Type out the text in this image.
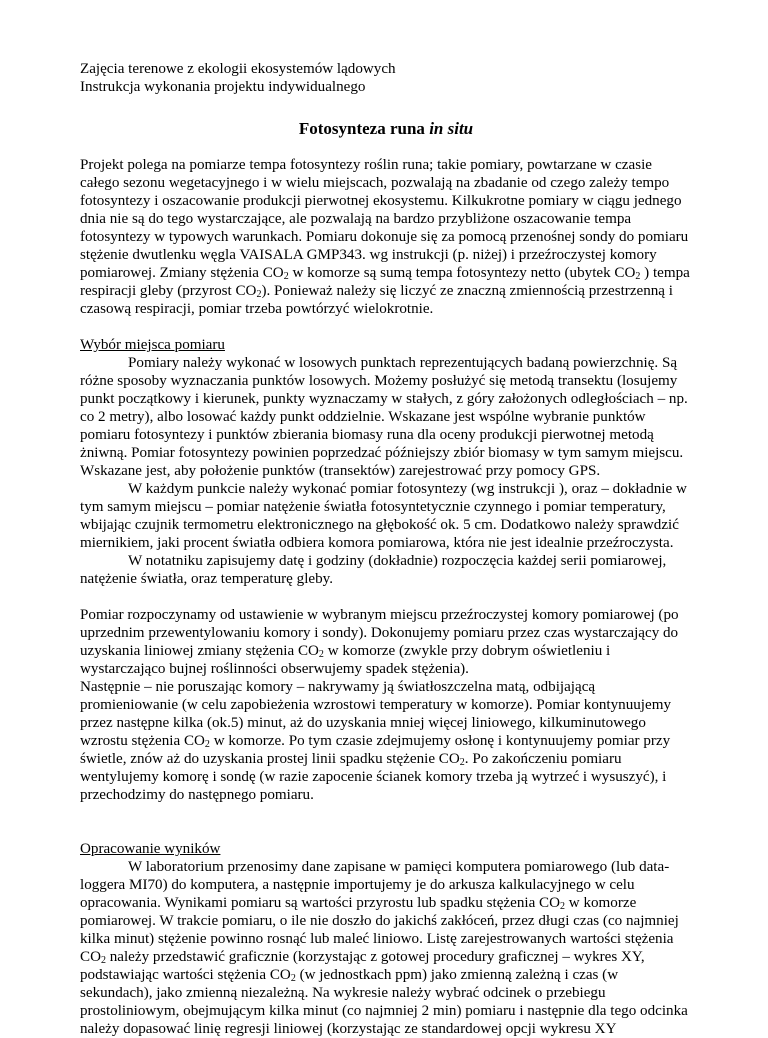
Zajęcia terenowe z ekologii ekosystemów lądowych
Instrukcja wykonania projektu indywidualnego
Fotosynteza runa in situ

Projekt polega na pomiarze tempa fotosyntezy roślin runa; takie pomiary, powtarzane w czasie całego sezonu wegetacyjnego i w wielu miejscach, pozwalają na zbadanie od czego zależy tempo fotosyntezy i oszacowanie produkcji pierwotnej ekosystemu. Kilkukrotne pomiary w ciągu jednego dnia nie są do tego wystarczające, ale pozwalają na bardzo przybliżone oszacowanie tempa fotosyntezy w typowych warunkach. Pomiaru dokonuje się za pomocą przenośnej sondy do pomiaru stężenie dwutlenku węgla VAISALA GMP343. wg instrukcji (p. niżej) i przeźroczystej komory pomiarowej. Zmiany stężenia $CO_2$ w komorze są sumą tempa fotosyntezy netto (ubytek $CO_2$ ) tempa respiracji gleby (przyrost $CO_2$). Ponieważ należy się liczyć ze znaczną zmiennością przestrzenną i czasową respiracji, pomiar trzeba powtórzyć wielokrotnie.

Wybór miejsca pomiaru

Pomiary należy wykonać w losowych punktach reprezentujących badaną powierzchnię. Są różne sposoby wyznaczania punktów losowych. Możemy posłużyć się metodą transektu (losujemy punkt początkowy i kierunek, punkty wyznaczamy w stałych, z góry założonych odległościach – np. co 2 metry), albo losować każdy punkt oddzielnie. Wskazane jest wspólne wybranie punktów pomiaru fotosyntezy i punktów zbierania biomasy runa dla oceny produkcji pierwotnej metodą żniwną. Pomiar fotosyntezy powinien poprzedzać późniejszy zbiór biomasy w tym samym miejscu. Wskazane jest, aby położenie punktów (transektów) zarejestrować przy pomocy GPS.

W każdym punkcie należy wykonać pomiar fotosyntezy (wg instrukcji ), oraz – dokładnie w tym samym miejscu – pomiar natężenie światła fotosyntetycznie czynnego i pomiar temperatury, wbijając czujnik termometru elektronicznego na głębokość ok. 5 cm. Dodatkowo należy sprawdzić miernikiem, jaki procent światła odbiera komora pomiarowa, która nie jest idealnie przeźroczysta.

W notatniku zapisujemy datę i godziny (dokładnie) rozpoczęcia każdej serii pomiarowej, natężenie światła, oraz temperaturę gleby.

Pomiar rozpoczynamy od ustawienie w wybranym miejscu przeźroczystej komory pomiarowej (po uprzednim przewentylowaniu komory i sondy). Dokonujemy pomiaru przez czas wystarczający do uzyskania liniowej zmiany stężenia $CO_2$ w komorze (zwykle przy dobrym oświetleniu i wystarczająco bujnej roślinności obserwujemy spadek stężenia).

Następnie – nie poruszając komory – nakrywamy ją światłoszczelna matą, odbijającą promieniowanie (w celu zapobieżenia wzrostowi temperatury w komorze). Pomiar kontynuujemy przez następne kilka (ok.5) minut, aż do uzyskania mniej więcej liniowego, kilkuminutowego wzrostu stężenia $CO_2$ w komorze. Po tym czasie zdejmujemy osłonę i kontynuujemy pomiar przy świetle, znów aż do uzyskania prostej linii spadku stężenie $CO_2$. Po zakończeniu pomiaru wentylujemy komorę i sondę (w razie zapocenie ścianek komory trzeba ją wytrzeć i wysuszyć), i przechodzimy do następnego pomiaru.

Opracowanie wyników

W laboratorium przenosimy dane zapisane w pamięci komputera pomiarowego (lub data-loggera MI70) do komputera, a następnie importujemy je do arkusza kalkulacyjnego w celu opracowania. Wynikami pomiaru są wartości przyrostu lub spadku stężenia $CO_2$ w komorze pomiarowej. W trakcie pomiaru, o ile nie doszło do jakichś zakłóceń, przez długi czas (co najmniej kilka minut) stężenie powinno rosnąć lub maleć liniowo. Listę zarejestrowanych wartości stężenia $CO_2$ należy przedstawić graficznie (korzystając z gotowej procedury graficznej – wykres XY, podstawiając wartości stężenia $CO_2$ (w jednostkach ppm) jako zmienną zależną i czas (w sekundach), jako zmienną niezależną. Na wykresie należy wybrać odcinek o przebiegu prostoliniowym, obejmującym kilka minut (co najmniej 2 min) pomiaru i następnie dla tego odcinka należy dopasować linię regresji liniowej (korzystając ze standardowej opcji wykresu XY
